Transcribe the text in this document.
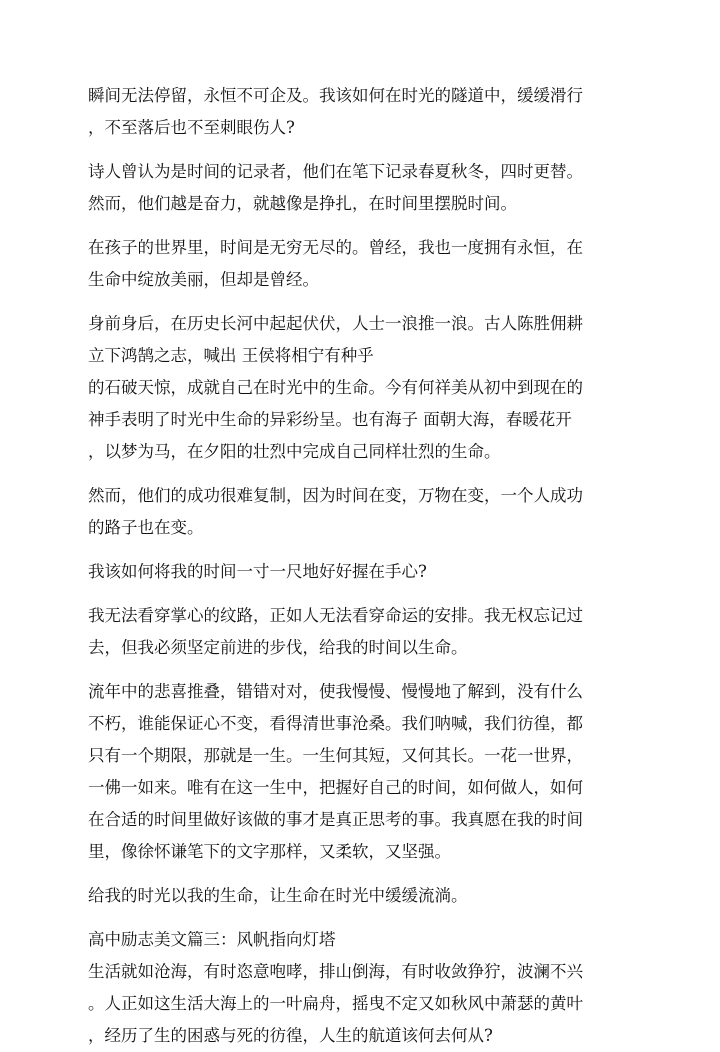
瞬间无法停留，永恒不可企及。我该如何在时光的隧道中，缓缓滑行
，不至落后也不至刺眼伤人?

诗人曾认为是时间的记录者，他们在笔下记录春夏秋冬，四时更替。
然而，他们越是奋力，就越像是挣扎，在时间里摆脱时间。

在孩子的世界里，时间是无穷无尽的。曾经，我也一度拥有永恒，在
生命中绽放美丽，但却是曾经。

身前身后，在历史长河中起起伏伏，人士一浪推一浪。古人陈胜佣耕
立下鸿鹄之志，喊出 王侯将相宁有种乎
的石破天惊，成就自己在时光中的生命。今有何祥美从初中到现在的
神手表明了时光中生命的异彩纷呈。也有海子 面朝大海，春暖花开
，以梦为马，在夕阳的壮烈中完成自己同样壮烈的生命。

然而，他们的成功很难复制，因为时间在变，万物在变，一个人成功
的路子也在变。

我该如何将我的时间一寸一尺地好好握在手心?

我无法看穿掌心的纹路，正如人无法看穿命运的安排。我无权忘记过
去，但我必须坚定前进的步伐，给我的时间以生命。

流年中的悲喜推叠，错错对对，使我慢慢、慢慢地了解到，没有什么
不朽，谁能保证心不变，看得清世事沧桑。我们呐喊，我们彷徨，都
只有一个期限，那就是一生。一生何其短，又何其长。一花一世界，
一佛一如来。唯有在这一生中，把握好自己的时间，如何做人，如何
在合适的时间里做好该做的事才是真正思考的事。我真愿在我的时间
里，像徐怀谦笔下的文字那样，又柔软，又坚强。

给我的时光以我的生命，让生命在时光中缓缓流淌。

高中励志美文篇三：风帆指向灯塔

生活就如沧海，有时恣意咆哮，排山倒海，有时收敛狰狞，波澜不兴
。人正如这生活大海上的一叶扁舟，摇曳不定又如秋风中萧瑟的黄叶
，经历了生的困惑与死的彷徨，人生的航道该何去何从?
